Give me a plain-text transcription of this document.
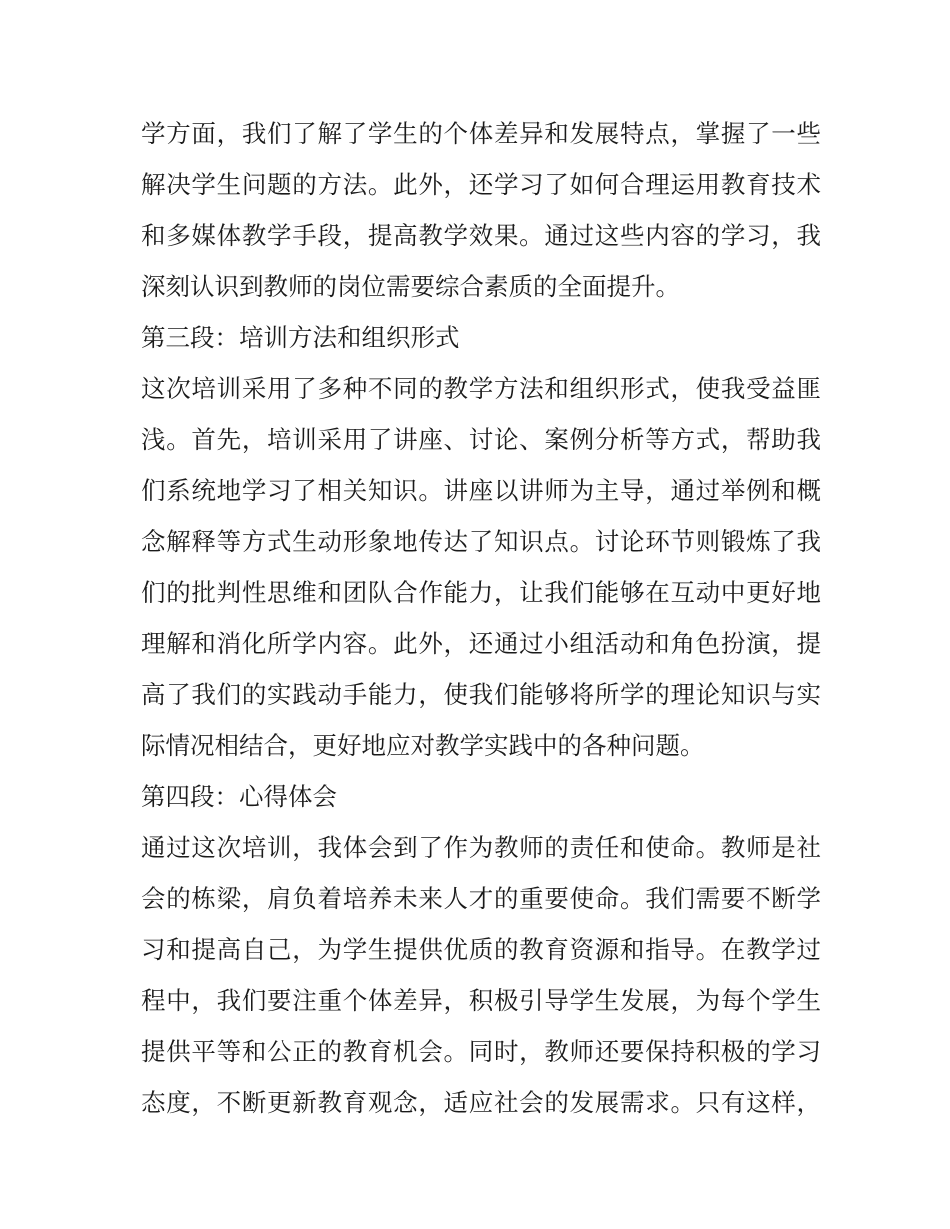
学方面，我们了解了学生的个体差异和发展特点，掌握了一些
解决学生问题的方法。此外，还学习了如何合理运用教育技术
和多媒体教学手段，提高教学效果。通过这些内容的学习，我
深刻认识到教师的岗位需要综合素质的全面提升。
第三段：培训方法和组织形式
这次培训采用了多种不同的教学方法和组织形式，使我受益匪
浅。首先，培训采用了讲座、讨论、案例分析等方式，帮助我
们系统地学习了相关知识。讲座以讲师为主导，通过举例和概
念解释等方式生动形象地传达了知识点。讨论环节则锻炼了我
们的批判性思维和团队合作能力，让我们能够在互动中更好地
理解和消化所学内容。此外，还通过小组活动和角色扮演，提
高了我们的实践动手能力，使我们能够将所学的理论知识与实
际情况相结合，更好地应对教学实践中的各种问题。
第四段：心得体会
通过这次培训，我体会到了作为教师的责任和使命。教师是社
会的栋梁，肩负着培养未来人才的重要使命。我们需要不断学
习和提高自己，为学生提供优质的教育资源和指导。在教学过
程中，我们要注重个体差异，积极引导学生发展，为每个学生
提供平等和公正的教育机会。同时，教师还要保持积极的学习
态度，不断更新教育观念，适应社会的发展需求。只有这样，
